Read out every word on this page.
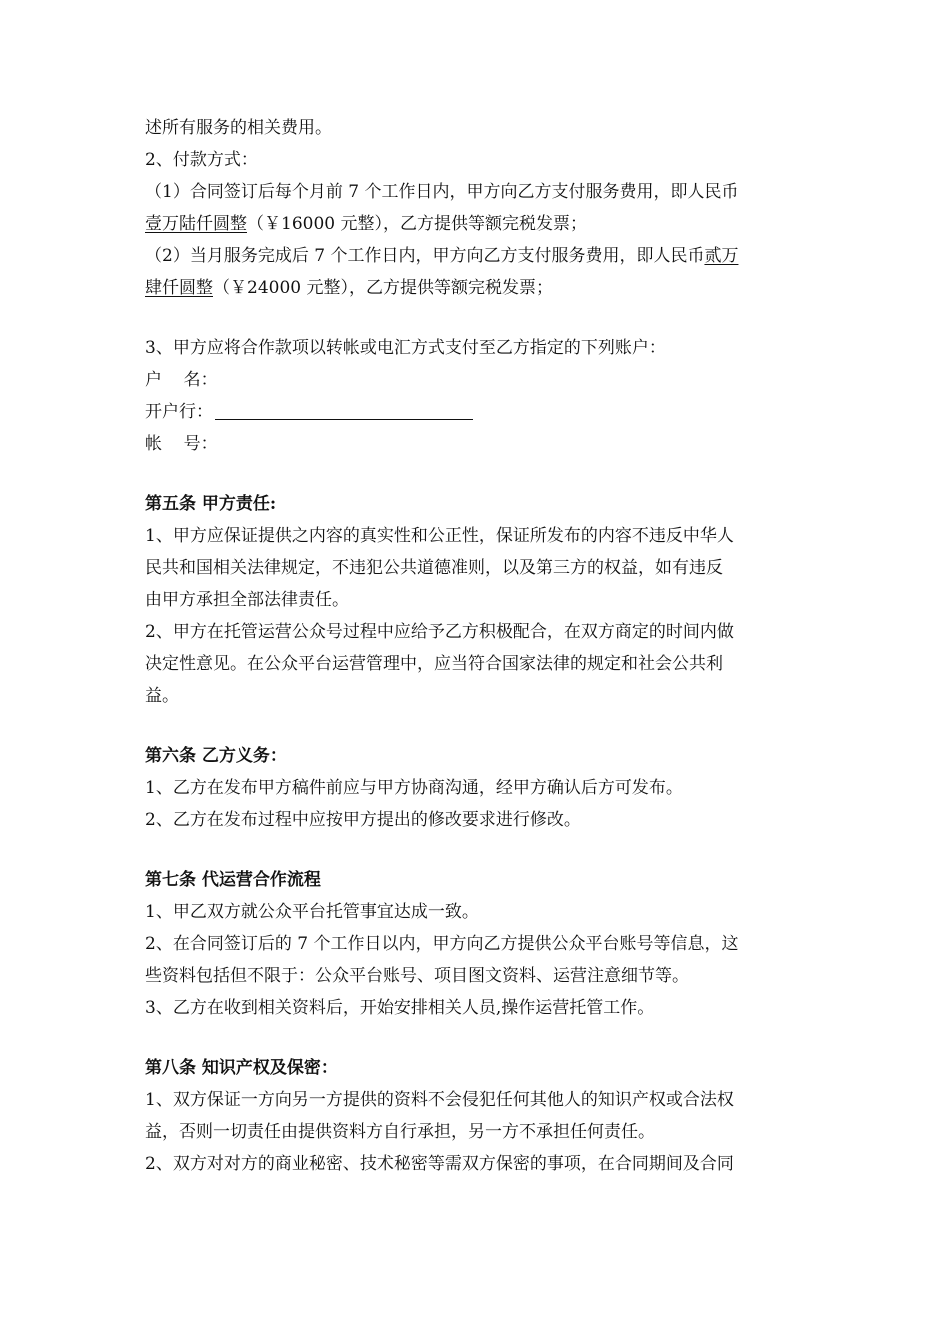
述所有服务的相关费用。
2、付款方式：
（1）合同签订后每个月前 7 个工作日内，甲方向乙方支付服务费用，即人民币
壹万陆仟圆整（￥16000 元整），乙方提供等额完税发票；
（2）当月服务完成后 7 个工作日内，甲方向乙方支付服务费用，即人民币贰万
肆仟圆整（￥24000 元整），乙方提供等额完税发票；
3、甲方应将合作款项以转帐或电汇方式支付至乙方指定的下列账户：
户    名：
开户行：
帐    号：
第五条 甲方责任:
1、甲方应保证提供之内容的真实性和公正性，保证所发布的内容不违反中华人
民共和国相关法律规定，不违犯公共道德准则，以及第三方的权益，如有违反
由甲方承担全部法律责任。
2、甲方在托管运营公众号过程中应给予乙方积极配合，在双方商定的时间内做
决定性意见。在公众平台运营管理中，应当符合国家法律的规定和社会公共利
益。
第六条 乙方义务：
1、乙方在发布甲方稿件前应与甲方协商沟通，经甲方确认后方可发布。
2、乙方在发布过程中应按甲方提出的修改要求进行修改。
第七条 代运营合作流程
1、甲乙双方就公众平台托管事宜达成一致。
2、在合同签订后的 7 个工作日以内，甲方向乙方提供公众平台账号等信息，这
些资料包括但不限于：公众平台账号、项目图文资料、运营注意细节等。
3、乙方在收到相关资料后，开始安排相关人员,操作运营托管工作。
第八条 知识产权及保密：
1、双方保证一方向另一方提供的资料不会侵犯任何其他人的知识产权或合法权
益，否则一切责任由提供资料方自行承担，另一方不承担任何责任。
2、双方对对方的商业秘密、技术秘密等需双方保密的事项，在合同期间及合同
